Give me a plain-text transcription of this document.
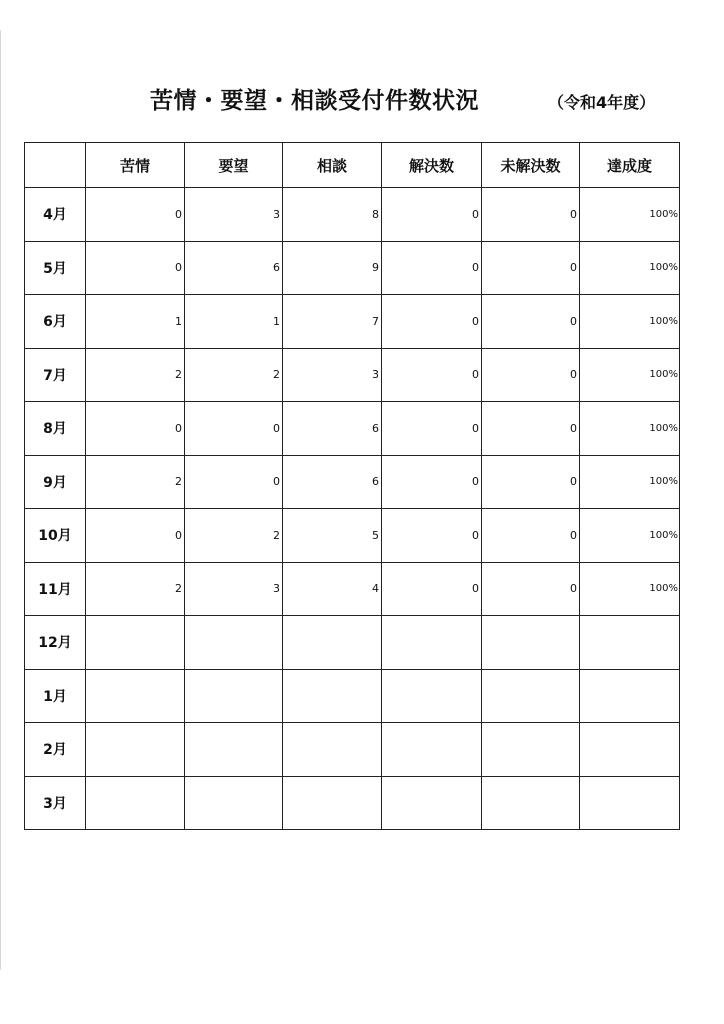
苦情・要望・相談受付件数状況	（令和4年度）
	苦情	要望	相談	解決数	未解決数	達成度
4月	0	3	8	0	0	100%
5月	0	6	9	0	0	100%
6月	1	1	7	0	0	100%
7月	2	2	3	0	0	100%
8月	0	0	6	0	0	100%
9月	2	0	6	0	0	100%
10月	0	2	5	0	0	100%
11月	2	3	4	0	0	100%
12月						
1月						
2月						
3月						
